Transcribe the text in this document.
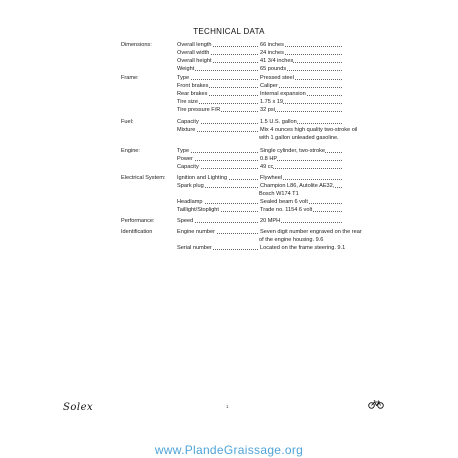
TECHNICAL DATA
Dimensions:	Overall length	66 inches
Overall width	24 inches
Overall height	41 3/4 inches
Weight	65 pounds
Frame:	Type	Pressed steel
Front brakes	Caliper
Rear brakes	Internal expansion
Tire size	1.75 x 19
Tire pressure F/R	32 psi
Fuel:	Capacity	1.5 U.S. gallon
Mixture	Mix 4 ounces high quality two-stroke oil
with 1 gallon unleaded gasoline.
Engine:	Type	Single cylinder, two-stroke
Power	0.8 HP
Capacity	49 cc
Electrical System: Ignition and Lighting	Flywheel
Spark plug	Champion L86, Autolite AE32,
Bosch W174 T1
Headlamp	Sealed beam 6 volt
Taillight/Stoplight	Trade no. 1154 6 volt
Performance:	Speed	20 MPH
Identification	Engine number	Seven digit number engraved on the rear
of the engine housing. 9.6
Serial number	Located on the frame steering. 9.1
Solex	1
www.PlandeGraissage.org
